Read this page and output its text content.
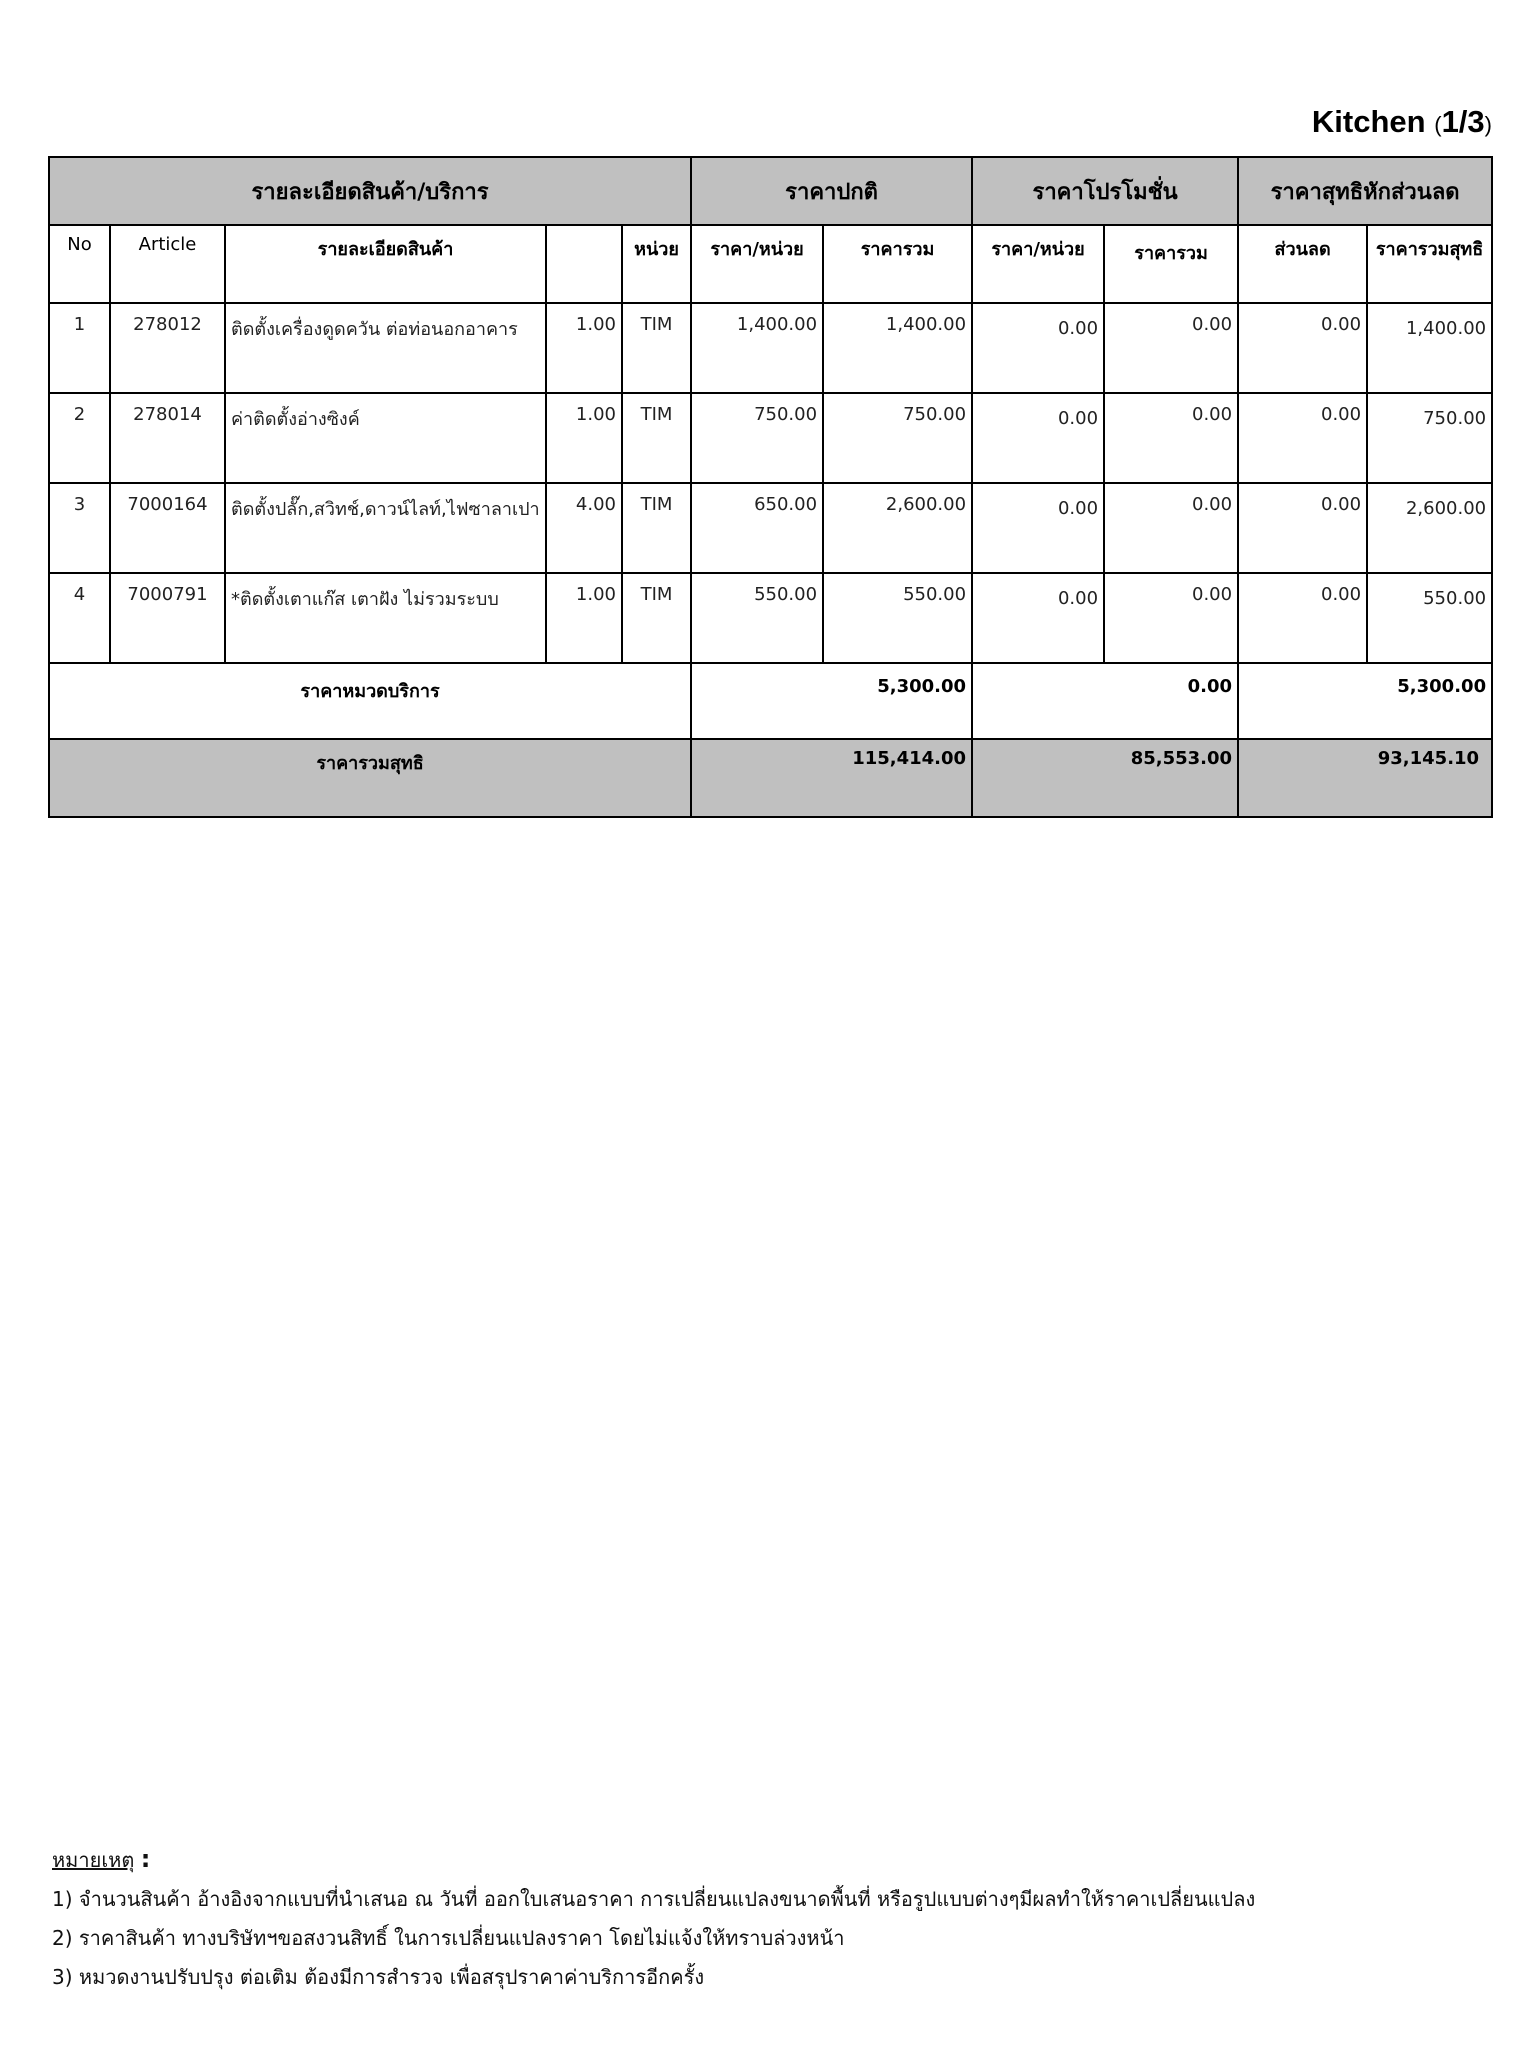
Kitchen (1/3)
รายละเอียดสินค้า/บริการ					ราคาปกติ		ราคาโปรโมชั่น		ราคาสุทธิหักส่วนลด	
No	Article	รายละเอียดสินค้า		หน่วย	ราคา/หน่วย	ราคารวม	ราคา/หน่วย	ราคารวม	ส่วนลด	ราคารวมสุทธิ
1	278012	ติดตั้งเครื่องดูดควัน ต่อท่อนอกอาคาร	1.00	TIM	1,400.00	1,400.00	0.00	0.00	0.00	1,400.00
2	278014	ค่าติดตั้งอ่างซิงค์	1.00	TIM	750.00	750.00	0.00	0.00	0.00	750.00
3	7000164	ติดตั้งปลั๊ก,สวิทช์,ดาวน์ไลท์,ไฟซาลาเปา	4.00	TIM	650.00	2,600.00	0.00	0.00	0.00	2,600.00
4	7000791	*ติดตั้งเตาแก๊ส เตาฝัง ไม่รวมระบบ	1.00	TIM	550.00	550.00	0.00	0.00	0.00	550.00
ราคาหมวดบริการ					5,300.00		0.00		5,300.00	
ราคารวมสุทธิ					115,414.00		85,553.00		93,145.10	
หมายเหตุ :
1) จำนวนสินค้า อ้างอิงจากแบบที่นำเสนอ ณ วันที่ ออกใบเสนอราคา การเปลี่ยนแปลงขนาดพื้นที่ หรือรูปแบบต่างๆมีผลทำให้ราคาเปลี่ยนแปลง
2) ราคาสินค้า ทางบริษัทฯขอสงวนสิทธิ์ ในการเปลี่ยนแปลงราคา โดยไม่แจ้งให้ทราบล่วงหน้า
3) หมวดงานปรับปรุง ต่อเติม ต้องมีการสำรวจ เพื่อสรุปราคาค่าบริการอีกครั้ง
